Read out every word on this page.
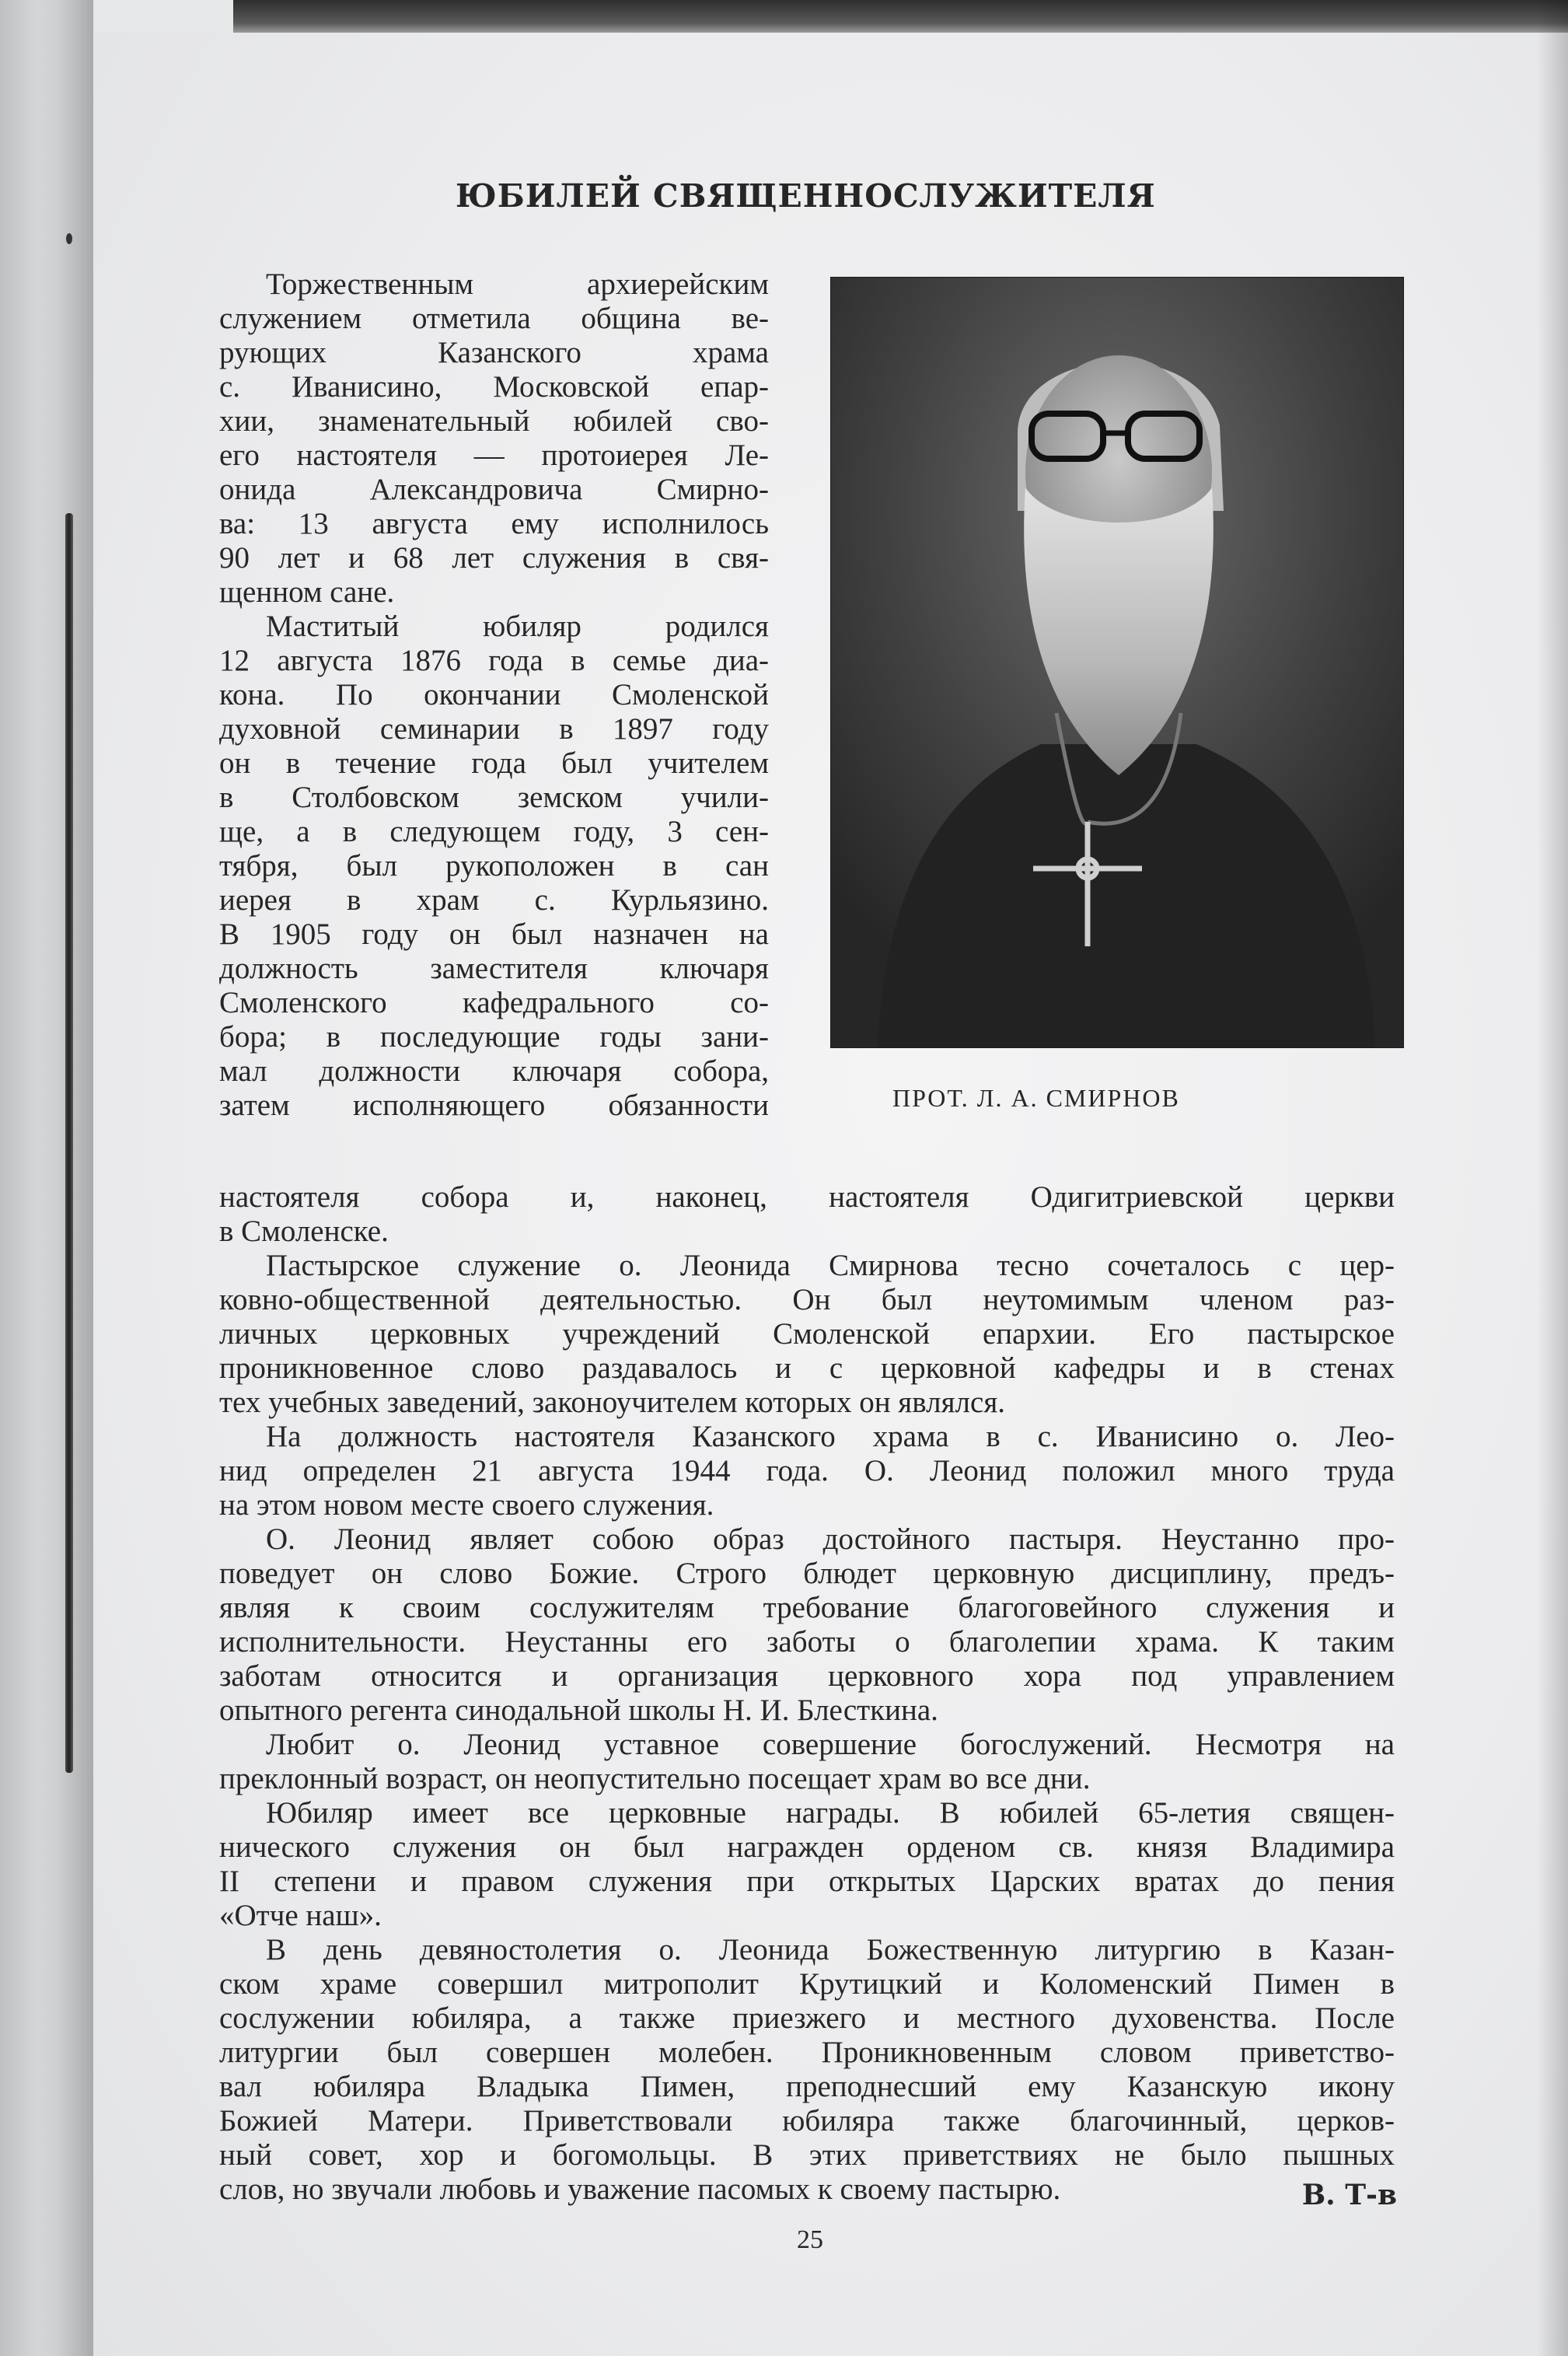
ЮБИЛЕЙ СВЯЩЕННОСЛУЖИТЕЛЯ
ПРОТ. Л. А. СМИРНОВ
Торжественным архиерейским
служением отметила община ве-
рующих Казанского храма
с. Иванисино, Московской епар-
хии, знаменательный юбилей сво-
его настоятеля — протоиерея Ле-
онида Александровича Смирно-
ва: 13 августа ему исполнилось
90 лет и 68 лет служения в свя-
щенном сане.
Маститый юбиляр родился
12 августа 1876 года в семье диа-
кона. По окончании Смоленской
духовной семинарии в 1897 году
он в течение года был учителем
в Столбовском земском учили-
ще, а в следующем году, 3 сен-
тября, был рукоположен в сан
иерея в храм с. Курльязино.
В 1905 году он был назначен на
должность заместителя ключаря
Смоленского кафедрального со-
бора; в последующие годы зани-
мал должности ключаря собора,
затем исполняющего обязанности
настоятеля собора и, наконец, настоятеля Одигитриевской церкви
в Смоленске.
Пастырское служение о. Леонида Смирнова тесно сочеталось с цер-
ковно-общественной деятельностью. Он был неутомимым членом раз-
личных церковных учреждений Смоленской епархии. Его пастырское
проникновенное слово раздавалось и с церковной кафедры и в стенах
тех учебных заведений, законоучителем которых он являлся.
На должность настоятеля Казанского храма в с. Иванисино о. Лео-
нид определен 21 августа 1944 года. О. Леонид положил много труда
на этом новом месте своего служения.
О. Леонид являет собою образ достойного пастыря. Неустанно про-
поведует он слово Божие. Строго блюдет церковную дисциплину, предъ-
являя к своим сослужителям требование благоговейного служения и
исполнительности. Неустанны его заботы о благолепии храма. К таким
заботам относится и организация церковного хора под управлением
опытного регента синодальной школы Н. И. Блесткина.
Любит о. Леонид уставное совершение богослужений. Несмотря на
преклонный возраст, он неопустительно посещает храм во все дни.
Юбиляр имеет все церковные награды. В юбилей 65-летия священ-
нического служения он был награжден орденом св. князя Владимира
II степени и правом служения при открытых Царских вратах до пения
«Отче наш».
В день девяностолетия о. Леонида Божественную литургию в Казан-
ском храме совершил митрополит Крутицкий и Коломенский Пимен в
сослужении юбиляра, а также приезжего и местного духовенства. После
литургии был совершен молебен. Проникновенным словом приветство-
вал юбиляра Владыка Пимен, преподнесший ему Казанскую икону
Божией Матери. Приветствовали юбиляра также благочинный, церков-
ный совет, хор и богомольцы. В этих приветствиях не было пышных
слов, но звучали любовь и уважение пасомых к своему пастырю.	В. Т-в
25
